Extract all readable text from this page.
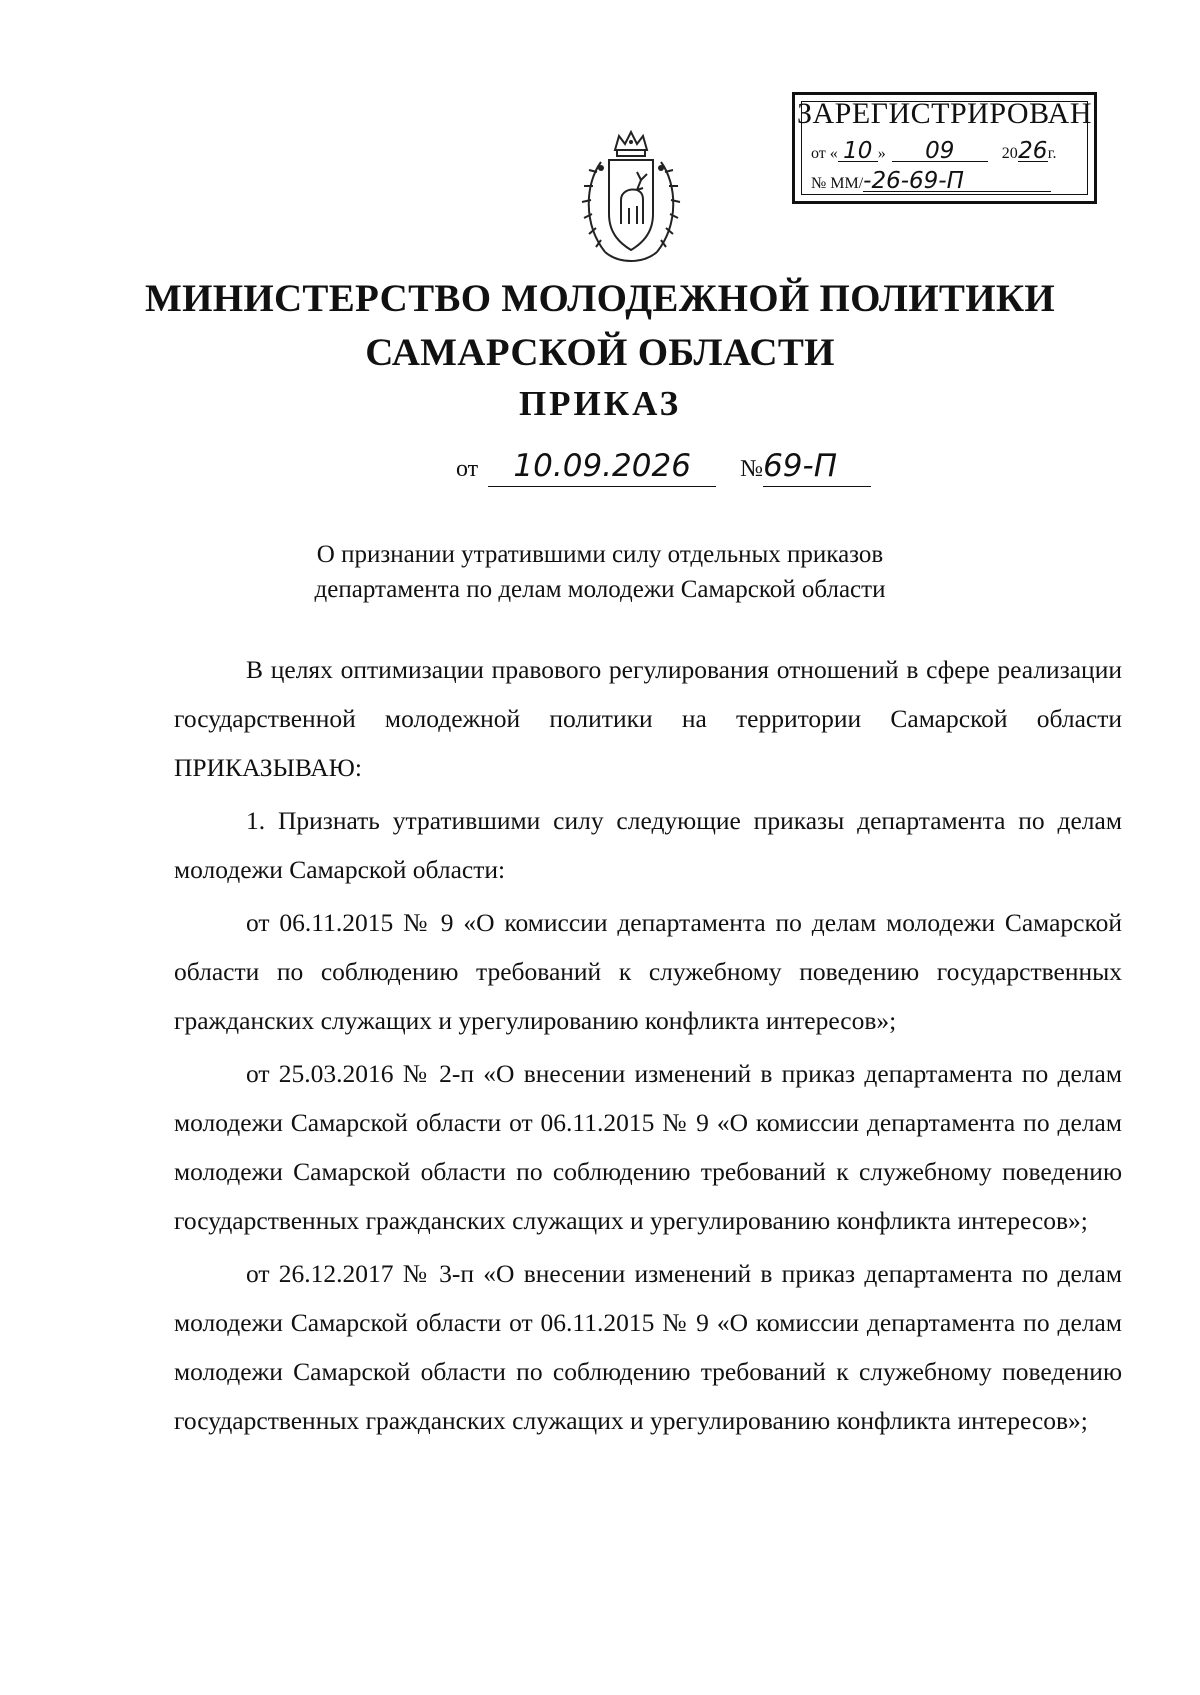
ЗАРЕГИСТРИРОВАН
от « 10 » 09	2026г.
№ ММ/-26-69-П
МИНИСТЕРСТВО МОЛОДЕЖНОЙ ПОЛИТИКИ
САМАРСКОЙ ОБЛАСТИ
ПРИКАЗ
от 10.09.2026 №69-П
О признании утратившими силу отдельных приказов
департамента по делам молодежи Самарской области

В целях оптимизации правового регулирования отношений в сфере реализации государственной молодежной политики на территории Самарской области ПРИКАЗЫВАЮ:

1. Признать утратившими силу следующие приказы департамента по делам молодежи Самарской области:

от 06.11.2015 № 9 «О комиссии департамента по делам молодежи Самарской области по соблюдению требований к служебному поведению государственных гражданских служащих и урегулированию конфликта интересов»;

от 25.03.2016 № 2-п «О внесении изменений в приказ департамента по делам молодежи Самарской области от 06.11.2015 № 9 «О комиссии департамента по делам молодежи Самарской области по соблюдению требований к служебному поведению государственных гражданских служащих и урегулированию конфликта интересов»;

от 26.12.2017 № 3-п «О внесении изменений в приказ департамента по делам молодежи Самарской области от 06.11.2015 № 9 «О комиссии департамента по делам молодежи Самарской области по соблюдению требований к служебному поведению государственных гражданских служащих и урегулированию конфликта интересов»;
